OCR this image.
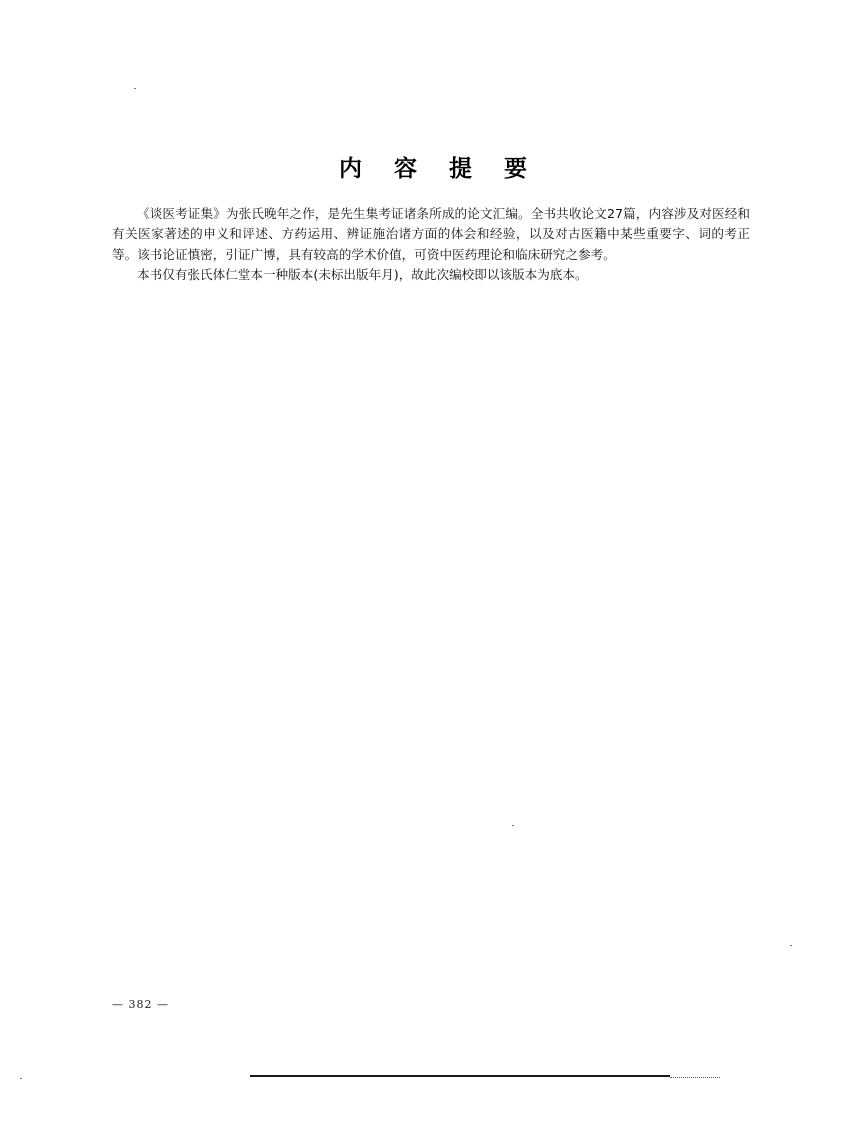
内 容 提 要

《谈医考证集》为张氏晚年之作，是先生集考证诸条所成的论文汇编。全书共收论文27篇，内容涉及对医经和有关医家著述的申义和评述、方药运用、辨证施治诸方面的体会和经验，以及对古医籍中某些重要字、词的考正等。该书论证慎密，引证广博，具有较高的学术价值，可资中医药理论和临床研究之参考。

本书仅有张氏体仁堂本一种版本(未标出版年月)，故此次编校即以该版本为底本。

— 382 —
